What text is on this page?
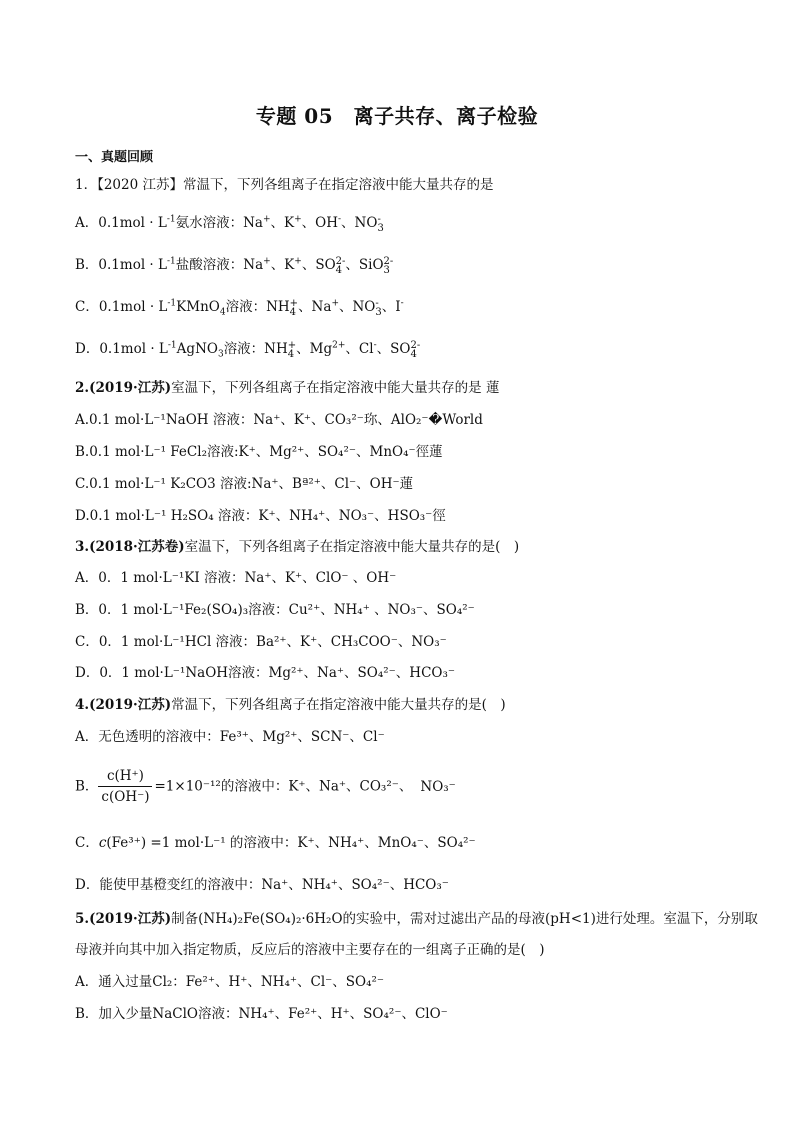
专题 05　离子共存、离子检验
一、真题回顾
1．【2020 江苏】常温下，下列各组离子在指定溶液中能大量共存的是
A．$0.1mol \cdot L^{-1}$氨水溶液：Na+、K+、OH-、NO -
3
B．$0.1mol \cdot L^{-1}$盐酸溶液：Na+、K+、SO 2-
4 、SiO 2-
3
C．$0.1mol \cdot L^{-1}KMnO_4$溶液：NH +
4 、Na+、NO -
3 、I-
D．$0.1mol \cdot L^{-1}AgNO_3$溶液：NH +
4 、$Mg^{2+}$、Cl-、SO 2-
4
2.(2019·江苏)室温下，下列各组离子在指定溶液中能大量共存的是 蓮
A.0.1 mol·L⁻¹NaOH 溶液：Na⁺、K⁺、CO₃²⁻珎、AlO₂⁻�World
B.0.1 mol·L⁻¹ FeCl₂溶液:K⁺、Mg²⁺、SO₄²⁻、MnO₄⁻徑蓮
C.0.1 mol·L⁻¹ K₂CO3 溶液:Na⁺、Bª²⁺、Cl⁻、OH⁻蓮
D.0.1 mol·L⁻¹ H₂SO₄ 溶液：K⁺、NH₄⁺、NO₃⁻、HSO₃⁻徑
3.(2018·江苏卷)室温下，下列各组离子在指定溶液中能大量共存的是(　)
A．0．1 mol·L⁻¹KI 溶液：Na⁺、K⁺、ClO⁻ 、OH⁻
B．0．1 mol·L⁻¹Fe₂(SO₄)₃溶液：Cu²⁺、NH₄⁺ 、NO₃⁻、SO₄²⁻
C．0．1 mol·L⁻¹HCl 溶液：Ba²⁺、K⁺、CH₃COO⁻、NO₃⁻
D．0．1 mol·L⁻¹NaOH溶液：Mg²⁺、Na⁺、SO₄²⁻、HCO₃⁻
4.(2019·江苏)常温下，下列各组离子在指定溶液中能大量共存的是(　)
A．无色透明的溶液中：Fe³⁺、Mg²⁺、SCN⁻、Cl⁻
B． $\frac{c(H^+)}{c(OH^-)} =1\times 10^{-12}$的溶液中：K⁺、Na⁺、CO₃²⁻、 NO₃⁻
C．c(Fe³⁺) =1 mol·L⁻¹ 的溶液中：K⁺、NH₄⁺、MnO₄⁻、SO₄²⁻
D．能使甲基橙变红的溶液中：Na⁺、NH₄⁺、SO₄²⁻、HCO₃⁻
5.(2019·江苏)制备(NH₄)₂Fe(SO₄)₂·6H₂O的实验中，需对过滤出产品的母液(pH<1)进行处理。室温下，分别取
母液并向其中加入指定物质，反应后的溶液中主要存在的一组离子正确的是(　)
A．通入过量Cl₂：Fe²⁺、H⁺、NH₄⁺、Cl⁻、SO₄²⁻
B．加入少量NaClO溶液：NH₄⁺、Fe²⁺、H⁺、SO₄²⁻、ClO⁻
